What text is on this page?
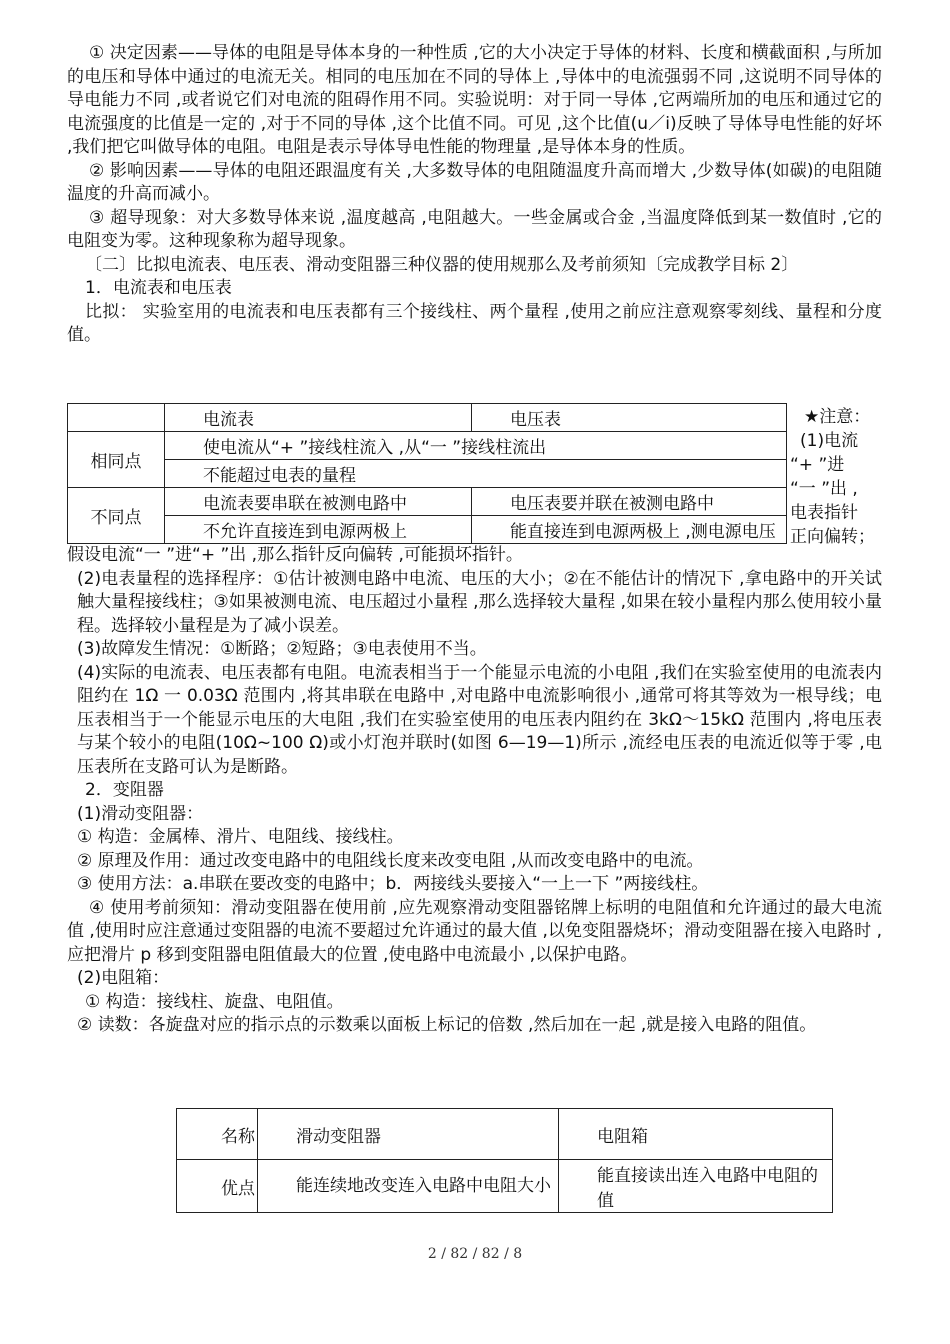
① 决定因素——导体的电阻是导体本身的一种性质 ,它的大小决定于导体的材料、长度和横截面积 ,与所加的电压和导体中通过的电流无关。相同的电压加在不同的导体上 ,导体中的电流强弱不同 ,这说明不同导体的导电能力不同 ,或者说它们对电流的阻碍作用不同。实验说明：对于同一导体 ,它两端所加的电压和通过它的电流强度的比值是一定的 ,对于不同的导体 ,这个比值不同。可见 ,这个比值(u／i)反映了导体导电性能的好坏 ,我们把它叫做导体的电阻。电阻是表示导体导电性能的物理量 ,是导体本身的性质。

② 影响因素——导体的电阻还跟温度有关 ,大多数导体的电阻随温度升高而增大 ,少数导体(如碳)的电阻随温度的升高而减小。

③ 超导现象：对大多数导体来说 ,温度越高 ,电阻越大。一些金属或合金 ,当温度降低到某一数值时 ,它的电阻变为零。这种现象称为超导现象。

〔二〕比拟电流表、电压表、滑动变阻器三种仪器的使用规那么及考前须知〔完成教学目标 2〕

1．电流表和电压表

比拟： 实验室用的电流表和电压表都有三个接线柱、两个量程 ,使用之前应注意观察零刻线、量程和分度值。

	电流表	电压表
相同点	使电流从“+ ”接线柱流入 ,从“一 ”接线柱流出	
	不能超过电表的量程	
不同点	电流表要串联在被测电路中	电压表要并联在被测电路中
	不允许直接连到电源两极上	能直接连到电源两极上 ,测电源电压
★注意：
(1)电流
“+ ”进
“一 ”出 ,
电表指针
正向偏转；

假设电流“一 ”进“+ ”出 ,那么指针反向偏转 ,可能损坏指针。

(2)电表量程的选择程序：①估计被测电路中电流、电压的大小；②在不能估计的情况下 ,拿电路中的开关试触大量程接线柱；③如果被测电流、电压超过小量程 ,那么选择较大量程 ,如果在较小量程内那么使用较小量程。选择较小量程是为了减小误差。

(3)故障发生情况：①断路；②短路；③电表使用不当。

(4)实际的电流表、电压表都有电阻。电流表相当于一个能显示电流的小电阻 ,我们在实验室使用的电流表内阻约在 1Ω 一 0.03Ω 范围内 ,将其串联在电路中 ,对电路中电流影响很小 ,通常可将其等效为一根导线；电压表相当于一个能显示电压的大电阻 ,我们在实验室使用的电压表内阻约在 3kΩ～15kΩ 范围内 ,将电压表与某个较小的电阻(10Ω~100 Ω)或小灯泡并联时(如图 6—19—1)所示 ,流经电压表的电流近似等于零 ,电压表所在支路可认为是断路。

2．变阻器

(1)滑动变阻器：

① 构造：金属棒、滑片、电阻线、接线柱。

② 原理及作用：通过改变电路中的电阻线长度来改变电阻 ,从而改变电路中的电流。

③ 使用方法：a.串联在要改变的电路中；b．两接线头要接入“一上一下 ”两接线柱。

④ 使用考前须知：滑动变阻器在使用前 ,应先观察滑动变阻器铭牌上标明的电阻值和允许通过的最大电流值 ,使用时应注意通过变阻器的电流不要超过允许通过的最大值 ,以免变阻器烧坏；滑动变阻器在接入电路时 ,应把滑片 p 移到变阻器电阻值最大的位置 ,使电路中电流最小 ,以保护电路。

(2)电阻箱：

① 构造：接线柱、旋盘、电阻值。

② 读数：各旋盘对应的指示点的示数乘以面板上标记的倍数 ,然后加在一起 ,就是接入电路的阻值。

名称	滑动变阻器	电阻箱
优点	能连续地改变连入电路中电阻大小	能直接读出连入电路中电阻的值
2 / 82 / 82 / 8
